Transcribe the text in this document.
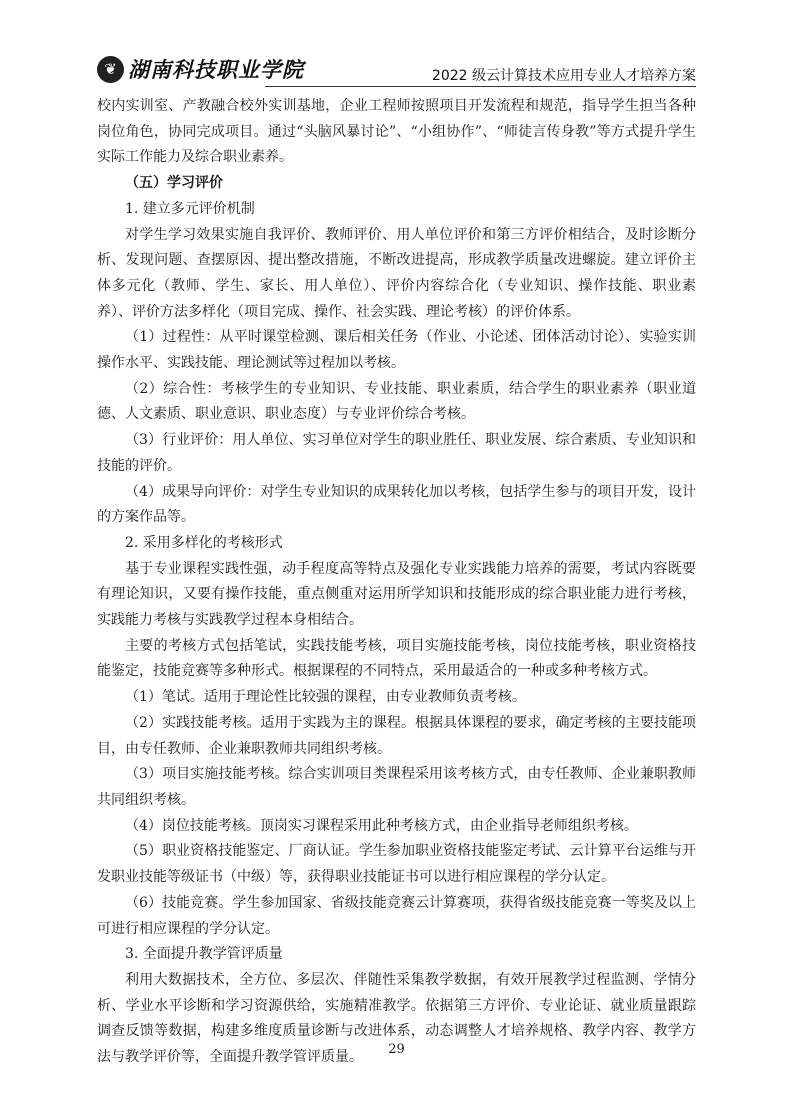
❦ 湖南科技职业学院	2022 级云计算技术应用专业人才培养方案

校内实训室、产教融合校外实训基地，企业工程师按照项目开发流程和规范，指导学生担当各种岗位角色，协同完成项目。通过“头脑风暴讨论”、“小组协作”、“师徒言传身教”等方式提升学生实际工作能力及综合职业素养。

（五）学习评价

1. 建立多元评价机制

对学生学习效果实施自我评价、教师评价、用人单位评价和第三方评价相结合，及时诊断分析、发现问题、查摆原因、提出整改措施，不断改进提高，形成教学质量改进螺旋。建立评价主体多元化（教师、学生、家长、用人单位）、评价内容综合化（专业知识、操作技能、职业素养）、评价方法多样化（项目完成、操作、社会实践、理论考核）的评价体系。

（1）过程性：从平时课堂检测、课后相关任务（作业、小论述、团体活动讨论）、实验实训操作水平、实践技能、理论测试等过程加以考核。

（2）综合性：考核学生的专业知识、专业技能、职业素质，结合学生的职业素养（职业道德、人文素质、职业意识、职业态度）与专业评价综合考核。

（3）行业评价：用人单位、实习单位对学生的职业胜任、职业发展、综合素质、专业知识和技能的评价。

（4）成果导向评价：对学生专业知识的成果转化加以考核，包括学生参与的项目开发，设计的方案作品等。

2. 采用多样化的考核形式

基于专业课程实践性强，动手程度高等特点及强化专业实践能力培养的需要，考试内容既要有理论知识，又要有操作技能，重点侧重对运用所学知识和技能形成的综合职业能力进行考核，实践能力考核与实践教学过程本身相结合。

主要的考核方式包括笔试，实践技能考核，项目实施技能考核，岗位技能考核，职业资格技能鉴定，技能竞赛等多种形式。根据课程的不同特点，采用最适合的一种或多种考核方式。

（1）笔试。适用于理论性比较强的课程，由专业教师负责考核。

（2）实践技能考核。适用于实践为主的课程。根据具体课程的要求，确定考核的主要技能项目，由专任教师、企业兼职教师共同组织考核。

（3）项目实施技能考核。综合实训项目类课程采用该考核方式，由专任教师、企业兼职教师共同组织考核。

（4）岗位技能考核。顶岗实习课程采用此种考核方式，由企业指导老师组织考核。

（5）职业资格技能鉴定、厂商认证。学生参加职业资格技能鉴定考试、云计算平台运维与开发职业技能等级证书（中级）等，获得职业技能证书可以进行相应课程的学分认定。

（6）技能竞赛。学生参加国家、省级技能竞赛云计算赛项，获得省级技能竞赛一等奖及以上可进行相应课程的学分认定。

3. 全面提升教学管评质量

利用大数据技术，全方位、多层次、伴随性采集教学数据，有效开展教学过程监测、学情分析、学业水平诊断和学习资源供给，实施精准教学。依据第三方评价、专业论证、就业质量跟踪调查反馈等数据，构建多维度质量诊断与改进体系，动态调整人才培养规格、教学内容、教学方法与教学评价等，全面提升教学管评质量。	29
